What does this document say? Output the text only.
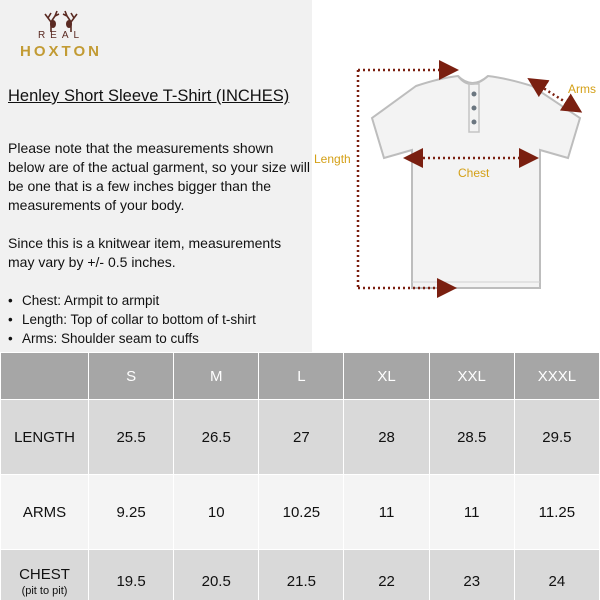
REAL
HOXTON
Henley Short Sleeve T-Shirt (INCHES)

Please note that the measurements shown below are of the actual garment, so your size will be one that is a few inches bigger than the measurements of your body.

Since this is a knitwear item, measurements may vary by +/- 0.5 inches.

• Chest: Armpit to armpit
• Length: Top of collar to bottom of t-shirt
• Arms: Shoulder seam to cuffs
Length
Chest
Arms
	S	M	L	XL	XXL	XXXL
LENGTH	25.5	26.5	27	28	28.5	29.5
ARMS	9.25	10	10.25	11	11	11.25
CHEST
(pit to pit)	19.5	20.5	21.5	22	23	24
